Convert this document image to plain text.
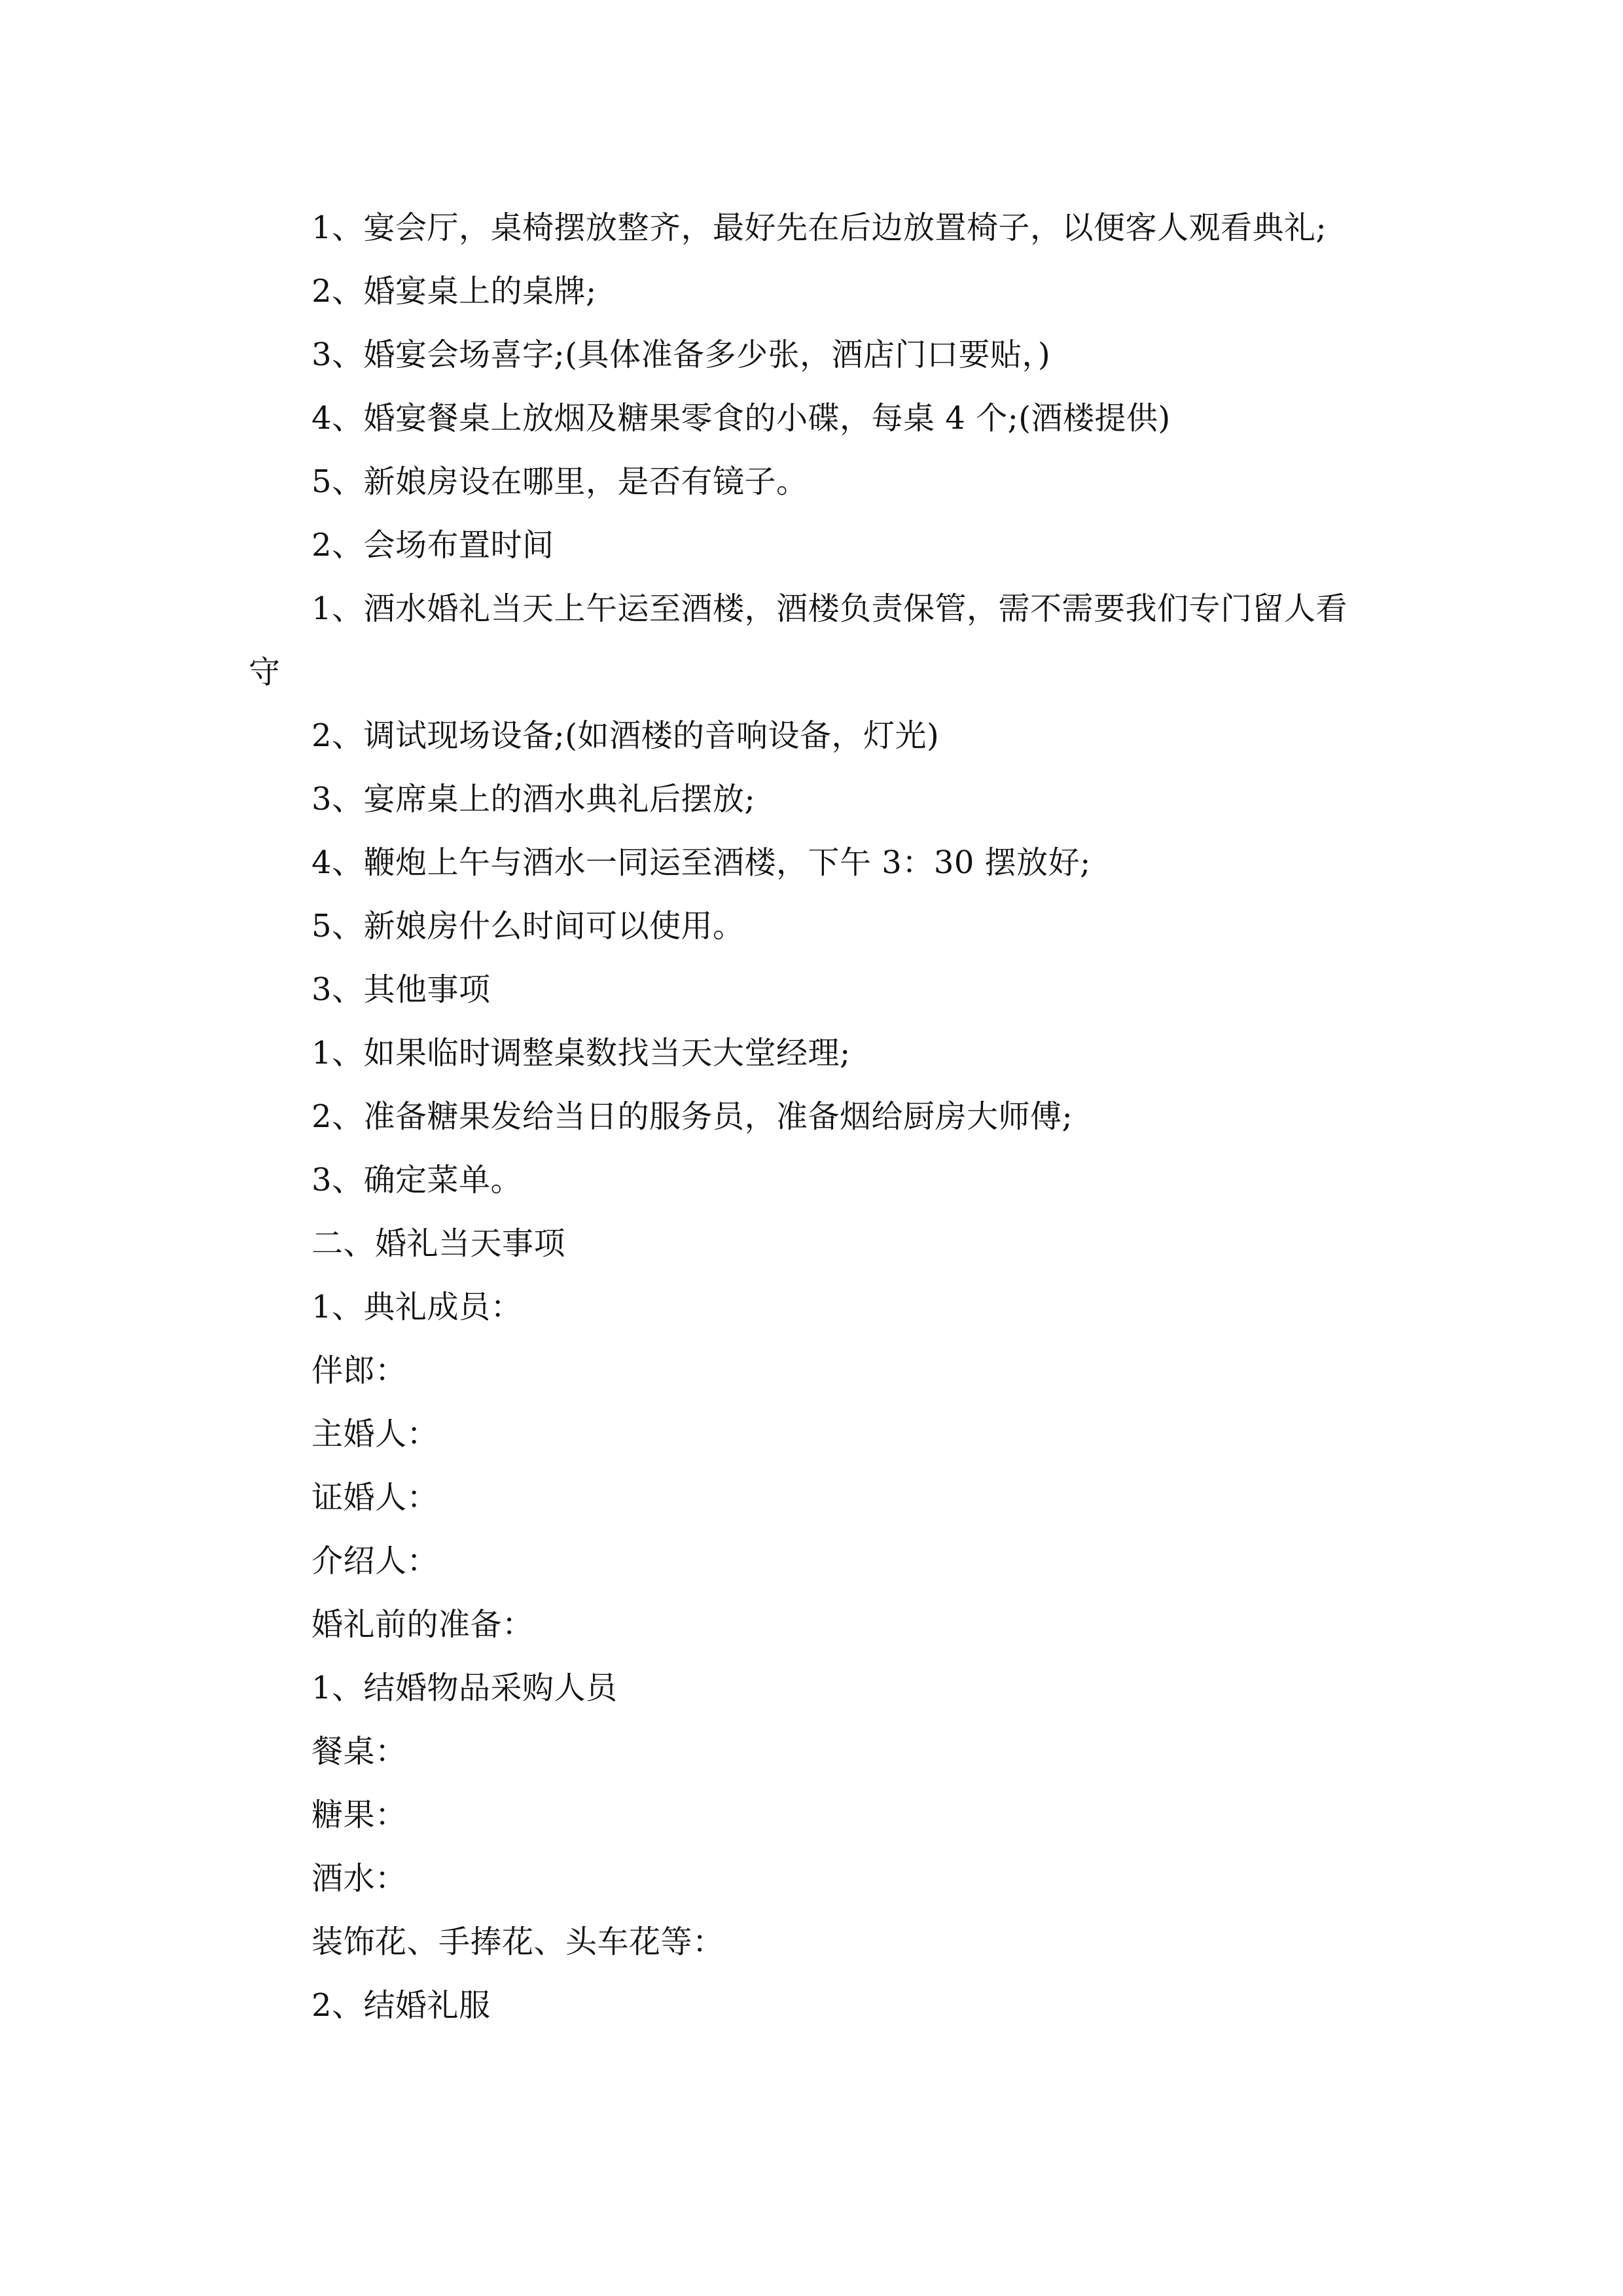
1、宴会厅，桌椅摆放整齐，最好先在后边放置椅子，以便客人观看典礼;

2、婚宴桌上的桌牌;

3、婚宴会场喜字;(具体准备多少张，酒店门口要贴，)

4、婚宴餐桌上放烟及糖果零食的小碟，每桌 4 个;(酒楼提供)

5、新娘房设在哪里，是否有镜子。

2、会场布置时间

1、酒水婚礼当天上午运至酒楼，酒楼负责保管，需不需要我们专门留人看守

2、调试现场设备;(如酒楼的音响设备，灯光)

3、宴席桌上的酒水典礼后摆放;

4、鞭炮上午与酒水一同运至酒楼，下午 3：30 摆放好;

5、新娘房什么时间可以使用。

3、其他事项

1、如果临时调整桌数找当天大堂经理;

2、准备糖果发给当日的服务员，准备烟给厨房大师傅;

3、确定菜单。

二、婚礼当天事项

1、典礼成员：

伴郎：

主婚人：

证婚人：

介绍人：

婚礼前的准备：

1、结婚物品采购人员

餐桌：

糖果：

酒水：

装饰花、手捧花、头车花等：

2、结婚礼服
